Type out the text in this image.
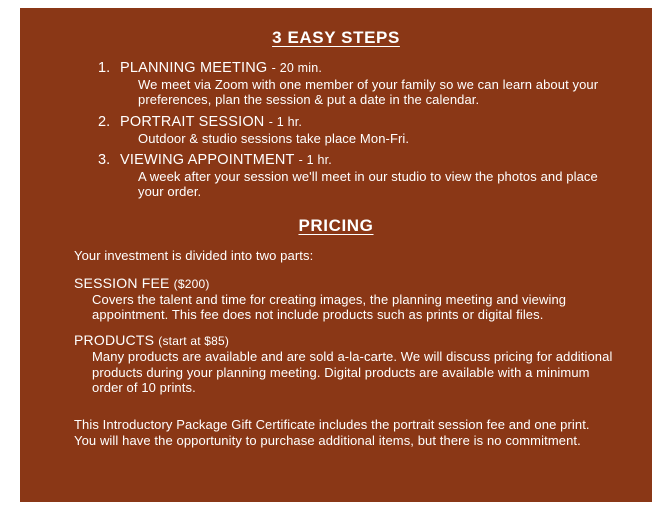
3 EASY STEPS
1. PLANNING MEETING - 20 min.
We meet via Zoom with one member of your family so we can learn about your preferences, plan the session & put a date in the calendar.
2. PORTRAIT SESSION - 1 hr.
Outdoor & studio sessions take place Mon-Fri.
3. VIEWING APPOINTMENT - 1 hr.
A week after your session we'll meet in our studio to view the photos and place your order.
PRICING
Your investment is divided into two parts:
SESSION FEE ($200)
Covers the talent and time for creating images, the planning meeting and viewing appointment. This fee does not include products such as prints or digital files.
PRODUCTS (start at $85)
Many products are available and are sold a-la-carte. We will discuss pricing for additional products during your planning meeting. Digital products are available with a minimum order of 10 prints.
This Introductory Package Gift Certificate includes the portrait session fee and one print. You will have the opportunity to purchase additional items, but there is no commitment.
